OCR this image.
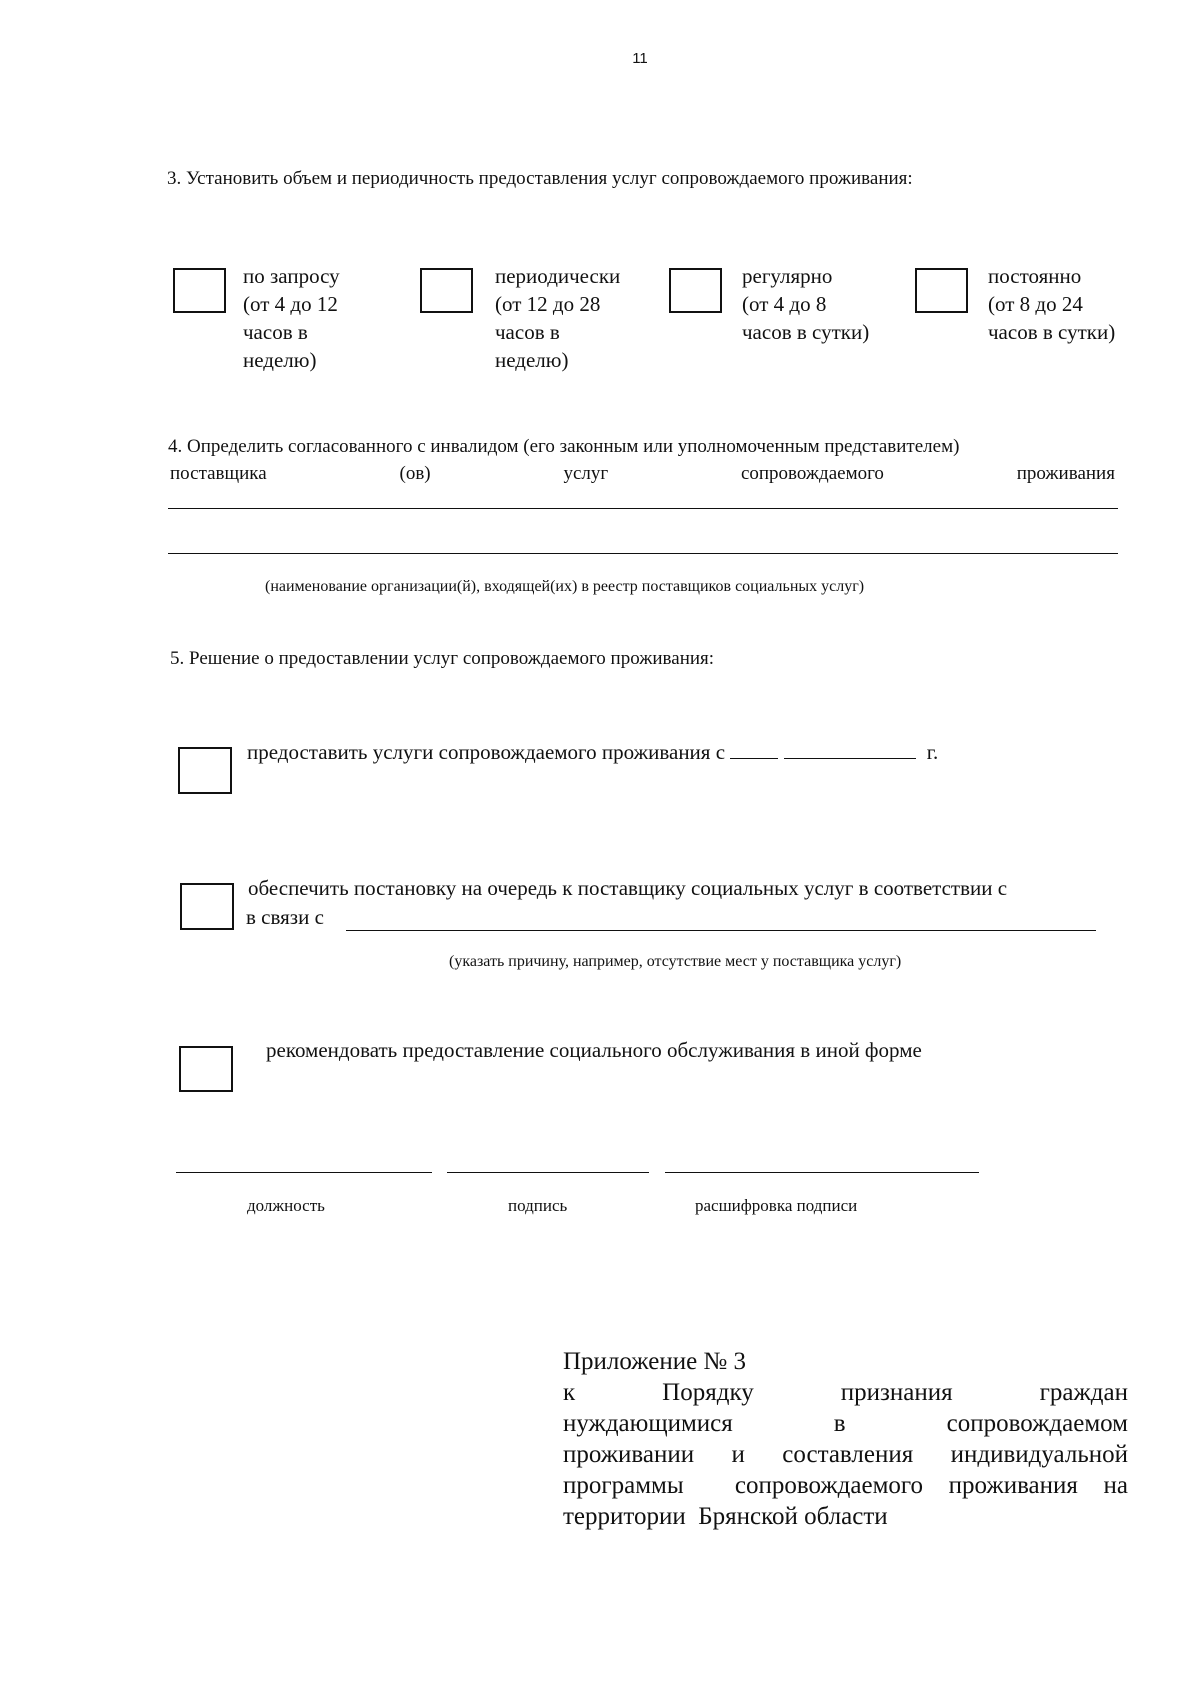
11
3. Установить объем и периодичность предоставления услуг сопровождаемого проживания:
по запросу
(от 4 до 12
часов в
неделю)
периодически
(от 12 до 28
часов в
неделю)
регулярно
(от 4 до 8
часов в сутки)
постоянно
(от 8 до 24
часов в сутки)
4. Определить согласованного с инвалидом (его законным или уполномоченным представителем)
поставщика	(ов)	услуг	сопровождаемого	проживания
(наименование организации(й), входящей(их) в реестр поставщиков социальных услуг)
5. Решение о предоставлении услуг сопровождаемого проживания:
предоставить услуги сопровождаемого проживания с	г.
обеспечить постановку на очередь к поставщику социальных услуг в соответствии с
в связи с
(указать причину, например, отсутствие мест у поставщика услуг)
рекомендовать предоставление социального обслуживания в иной форме
должность	подпись	расшифровка подписи
Приложение № 3
к	Порядку	признания	граждан
нуждающимися	в	сопровождаемом
проживании и составления индивидуальной
программы  сопровождаемого проживания на
территории  Брянской области
